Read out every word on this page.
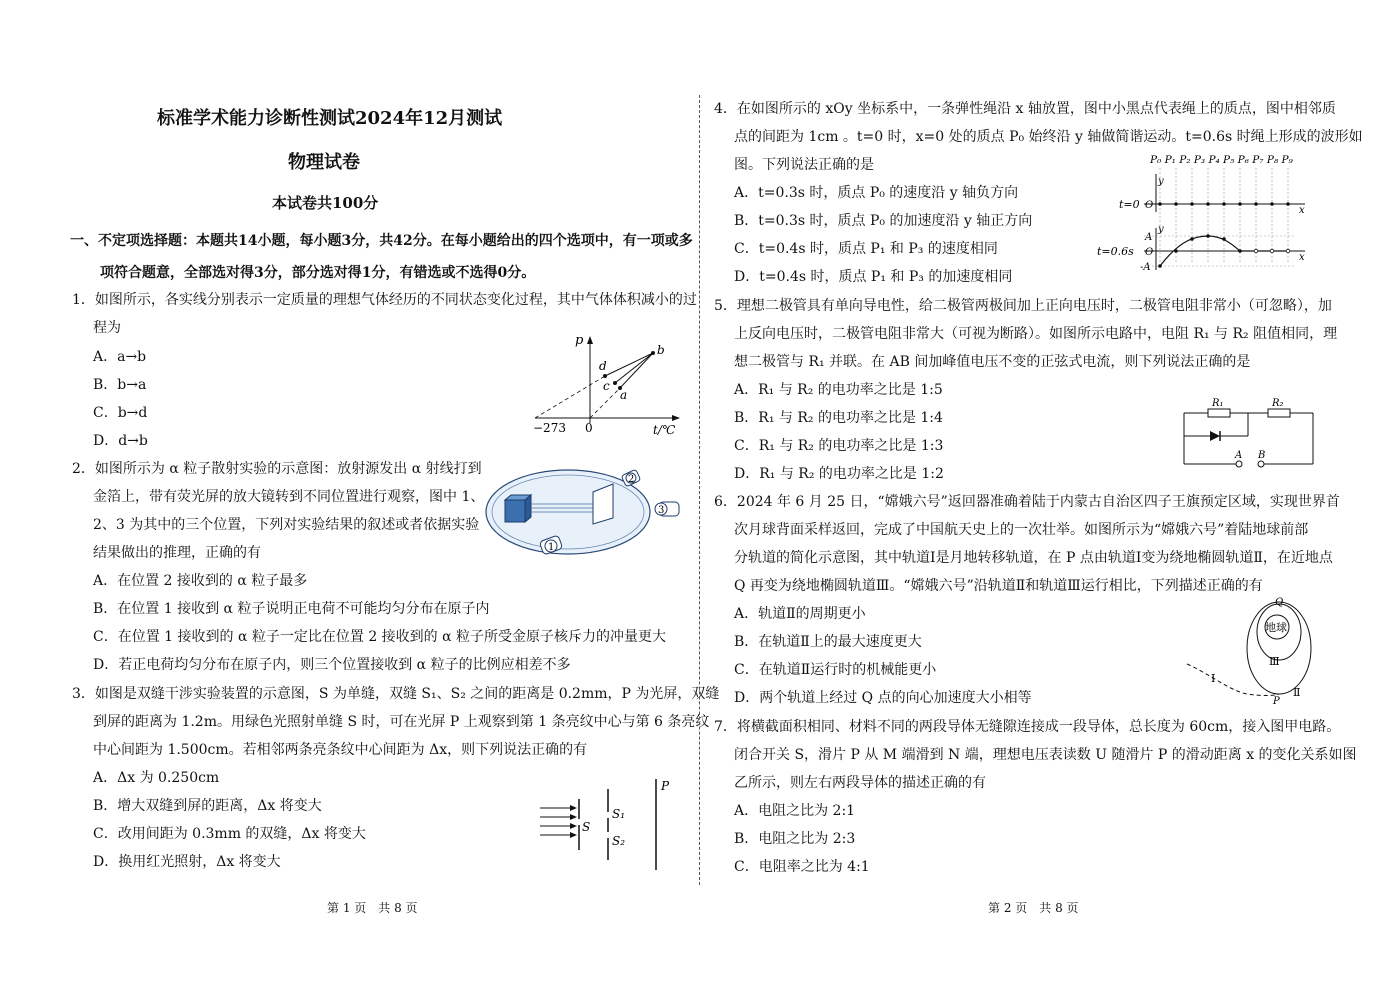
标准学术能力诊断性测试2024年12月测试
物理试卷
本试卷共100分
一、不定项选择题：本题共14小题，每小题3分，共42分。在每小题给出的四个选项中，有一项或多
项符合题意，全部选对得3分，部分选对得1分，有错选或不选得0分。
1．如图所示，各实线分别表示一定质量的理想气体经历的不同状态变化过程，其中气体体积减小的过
程为
A．a→b
B．b→a
C．b→d
D．d→b
p
b
d
c
a
−273 0	t/℃
2．如图所示为 α 粒子散射实验的示意图：放射源发出 α 射线打到
金箔上，带有荧光屏的放大镜转到不同位置进行观察，图中 1、
2、3 为其中的三个位置，下列对实验结果的叙述或者依据实验
结果做出的推理，正确的有
A．在位置 2 接收到的 α 粒子最多
B．在位置 1 接收到 α 粒子说明正电荷不可能均匀分布在原子内
C．在位置 1 接收到的 α 粒子一定比在位置 2 接收到的 α 粒子所受金原子核斥力的冲量更大
D．若正电荷均匀分布在原子内，则三个位置接收到 α 粒子的比例应相差不多
2
3
1
3．如图是双缝干涉实验装置的示意图，S 为单缝，双缝 S₁、S₂ 之间的距离是 0.2mm，P 为光屏，双缝
到屏的距离为 1.2m。用绿色光照射单缝 S 时，可在光屏 P 上观察到第 1 条亮纹中心与第 6 条亮纹
中心间距为 1.500cm。若相邻两条亮条纹中心间距为 Δx，则下列说法正确的有
A．Δx 为 0.250cm
B．增大双缝到屏的距离，Δx 将变大
C．改用间距为 0.3mm 的双缝，Δx 将变大
D．换用红光照射，Δx 将变大
S
S₁
S₂
P
第 1 页　共 8 页
4．在如图所示的 xOy 坐标系中，一条弹性绳沿 x 轴放置，图中小黑点代表绳上的质点，图中相邻质
点的间距为 1cm 。t=0 时，x=0 处的质点 P₀ 始终沿 y 轴做简谐运动。t=0.6s 时绳上形成的波形如
图。下列说法正确的是
A．t=0.3s 时，质点 P₀ 的速度沿 y 轴负方向
B．t=0.3s 时，质点 P₀ 的加速度沿 y 轴正方向
C．t=0.4s 时，质点 P₁ 和 P₃ 的速度相同
D．t=0.4s 时，质点 P₁ 和 P₃ 的加速度相同
P₀ P₁ P₂ P₃ P₄ P₅ P₆ P₇ P₈ P₉
y
x
t=0 O
y
A
t=0.6s O
-A
x
5．理想二极管具有单向导电性，给二极管两极间加上正向电压时，二极管电阻非常小（可忽略），加
上反向电压时，二极管电阻非常大（可视为断路）。如图所示电路中，电阻 R₁ 与 R₂ 阻值相同，理
想二极管与 R₁ 并联。在 AB 间加峰值电压不变的正弦式电流，则下列说法正确的是
A．R₁ 与 R₂ 的电功率之比是 1:5
B．R₁ 与 R₂ 的电功率之比是 1:4
C．R₁ 与 R₂ 的电功率之比是 1:3
D．R₁ 与 R₂ 的电功率之比是 1:2
R₁	R₂
A B
6．2024 年 6 月 25 日，“嫦娥六号”返回器准确着陆于内蒙古自治区四子王旗预定区域，实现世界首
次月球背面采样返回，完成了中国航天史上的一次壮举。如图所示为“嫦娥六号”着陆地球前部
分轨道的简化示意图，其中轨道Ⅰ是月地转移轨道，在 P 点由轨道Ⅰ变为绕地椭圆轨道Ⅱ，在近地点
Q 再变为绕地椭圆轨道Ⅲ。“嫦娥六号”沿轨道Ⅱ和轨道Ⅲ运行相比，下列描述正确的有
A．轨道Ⅱ的周期更小
B．在轨道Ⅱ上的最大速度更大
C．在轨道Ⅱ运行时的机械能更小
D．两个轨道上经过 Q 点的向心加速度大小相等
Q
地球
Ⅲ
Ⅰ
P
Ⅱ
7．将横截面积相同、材料不同的两段导体无缝隙连接成一段导体，总长度为 60cm，接入图甲电路。
闭合开关 S，滑片 P 从 M 端滑到 N 端，理想电压表读数 U 随滑片 P 的滑动距离 x 的变化关系如图
乙所示，则左右两段导体的描述正确的有
A．电阻之比为 2:1
B．电阻之比为 2:3
C．电阻率之比为 4:1
第 2 页　共 8 页
